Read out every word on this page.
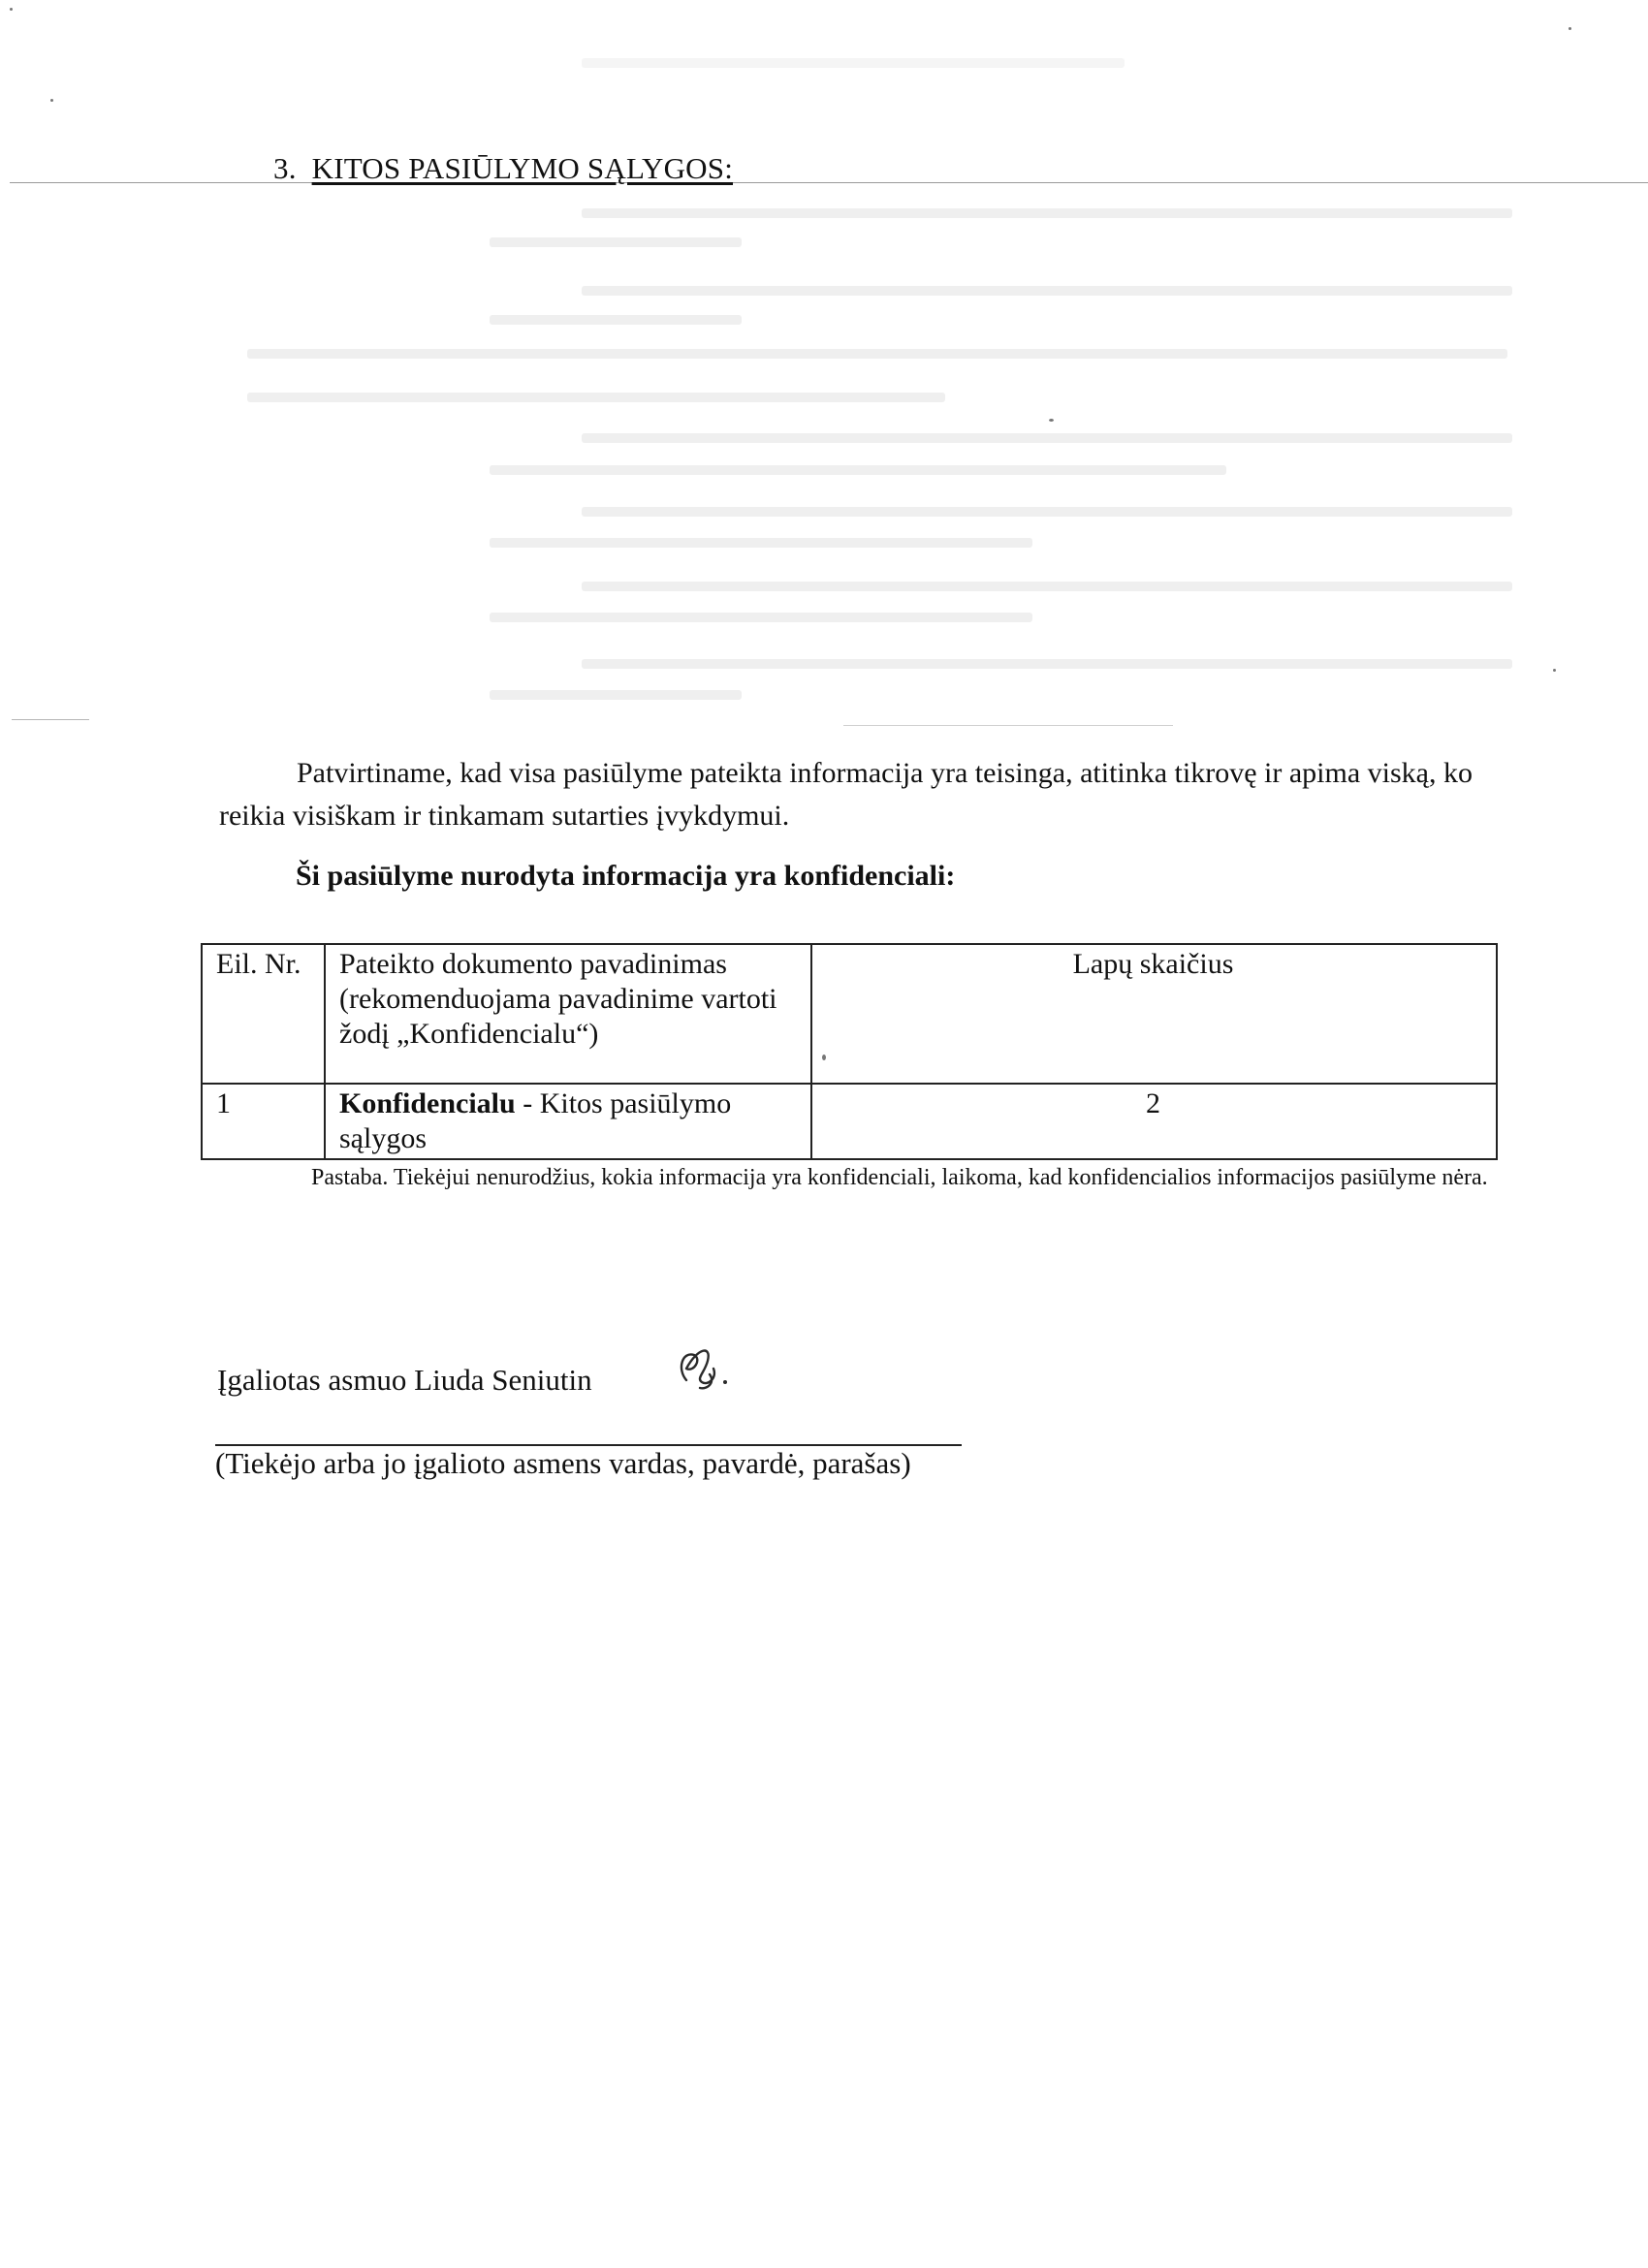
3. KITOS PASIŪLYMO SĄLYGOS:
Patvirtiname, kad visa pasiūlyme pateikta informacija yra teisinga, atitinka tikrovę ir apima viską, ko reikia visiškam ir tinkamam sutarties įvykdymui.
Ši pasiūlyme nurodyta informacija yra konfidenciali:
Eil. Nr.	Pateikto dokumento pavadinimas (rekomenduojama pavadinime vartoti žodį „Konfidencialu“)	Lapų skaičius
1	Konfidencialu - Kitos pasiūlymo sąlygos	2
Pastaba. Tiekėjui nenurodžius, kokia informacija yra konfidenciali, laikoma, kad konfidencialios informacijos pasiūlyme nėra.
Įgaliotas asmuo Liuda Seniutin
(Tiekėjo arba jo įgalioto asmens vardas, pavardė, parašas)
